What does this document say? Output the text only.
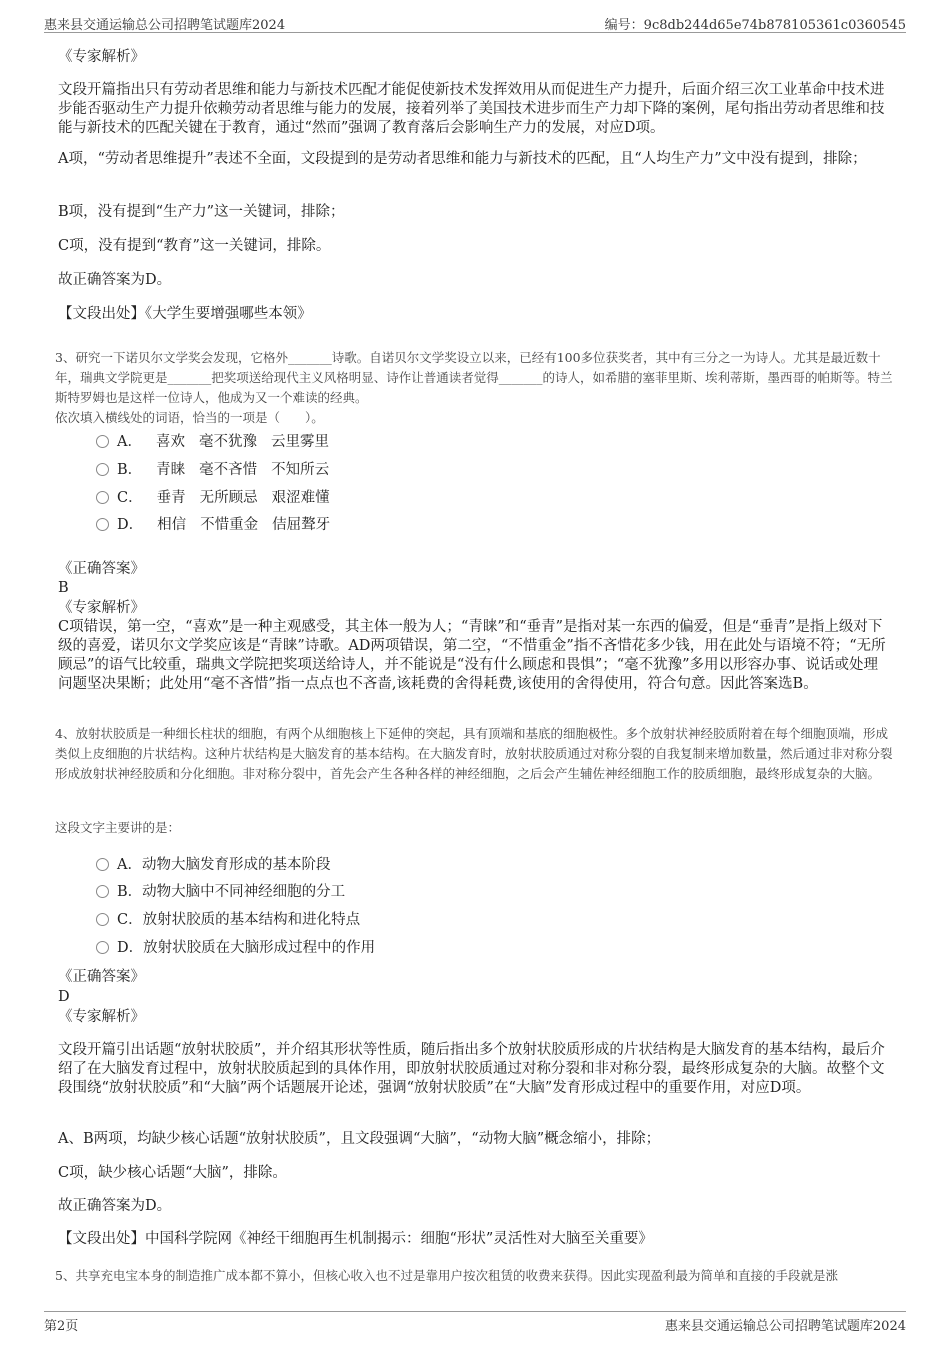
惠来县交通运输总公司招聘笔试题库2024	编号：9c8db244d65e74b878105361c0360545
《专家解析》
文段开篇指出只有劳动者思维和能力与新技术匹配才能促使新技术发挥效用从而促进生产力提升，后面介绍三次工业革命中技术进步能否驱动生产力提升依赖劳动者思维与能力的发展，接着列举了美国技术进步而生产力却下降的案例，尾句指出劳动者思维和技能与新技术的匹配关键在于教育，通过“然而”强调了教育落后会影响生产力的发展，对应D项。
A项，“劳动者思维提升”表述不全面，文段提到的是劳动者思维和能力与新技术的匹配，且“人均生产力”文中没有提到，排除；
B项，没有提到“生产力”这一关键词，排除；
C项，没有提到“教育”这一关键词，排除。
故正确答案为D。
【文段出处】《大学生要增强哪些本领》
3、研究一下诺贝尔文学奖会发现，它格外_______诗歌。自诺贝尔文学奖设立以来，已经有100多位获奖者，其中有三分之一为诗人。尤其是最近数十年，瑞典文学院更是_______把奖项送给现代主义风格明显、诗作让普通读者觉得_______的诗人，如希腊的塞菲里斯、埃利蒂斯，墨西哥的帕斯等。特兰斯特罗姆也是这样一位诗人，他成为又一个难读的经典。
依次填入横线处的词语，恰当的一项是（　　）。
A． 喜欢 毫不犹豫 云里雾里
B． 青睐 毫不吝惜 不知所云
C． 垂青 无所顾忌 艰涩难懂
D． 相信 不惜重金 佶屈聱牙
《正确答案》
B
《专家解析》
C项错误，第一空，“喜欢”是一种主观感受，其主体一般为人；“青睐”和“垂青”是指对某一东西的偏爱，但是“垂青”是指上级对下级的喜爱，诺贝尔文学奖应该是“青睐”诗歌。AD两项错误，第二空，“不惜重金”指不吝惜花多少钱，用在此处与语境不符；“无所顾忌”的语气比较重，瑞典文学院把奖项送给诗人，并不能说是“没有什么顾虑和畏惧”；“毫不犹豫”多用以形容办事、说话或处理问题坚决果断；此处用“毫不吝惜”指一点点也不吝啬,该耗费的舍得耗费,该使用的舍得使用，符合句意。因此答案选B。
4、放射状胶质是一种细长柱状的细胞，有两个从细胞核上下延伸的突起，具有顶端和基底的细胞极性。多个放射状神经胶质附着在每个细胞顶端，形成类似上皮细胞的片状结构。这种片状结构是大脑发育的基本结构。在大脑发育时，放射状胶质通过对称分裂的自我复制来增加数量，然后通过非对称分裂形成放射状神经胶质和分化细胞。非对称分裂中，首先会产生各种各样的神经细胞，之后会产生辅佐神经细胞工作的胶质细胞，最终形成复杂的大脑。
这段文字主要讲的是：
A．动物大脑发育形成的基本阶段
B．动物大脑中不同神经细胞的分工
C．放射状胶质的基本结构和进化特点
D．放射状胶质在大脑形成过程中的作用
《正确答案》
D
《专家解析》
文段开篇引出话题“放射状胶质”，并介绍其形状等性质，随后指出多个放射状胶质形成的片状结构是大脑发育的基本结构，最后介绍了在大脑发育过程中，放射状胶质起到的具体作用，即放射状胶质通过对称分裂和非对称分裂，最终形成复杂的大脑。故整个文段围绕“放射状胶质”和“大脑”两个话题展开论述，强调“放射状胶质”在“大脑”发育形成过程中的重要作用，对应D项。
A、B两项，均缺少核心话题“放射状胶质”，且文段强调“大脑”，“动物大脑”概念缩小，排除；
C项，缺少核心话题“大脑”，排除。
故正确答案为D。
【文段出处】中国科学院网《神经干细胞再生机制揭示：细胞“形状”灵活性对大脑至关重要》
5、共享充电宝本身的制造推广成本都不算小，但核心收入也不过是靠用户按次租赁的收费来获得。因此实现盈利最为简单和直接的手段就是涨
第2页	惠来县交通运输总公司招聘笔试题库2024
